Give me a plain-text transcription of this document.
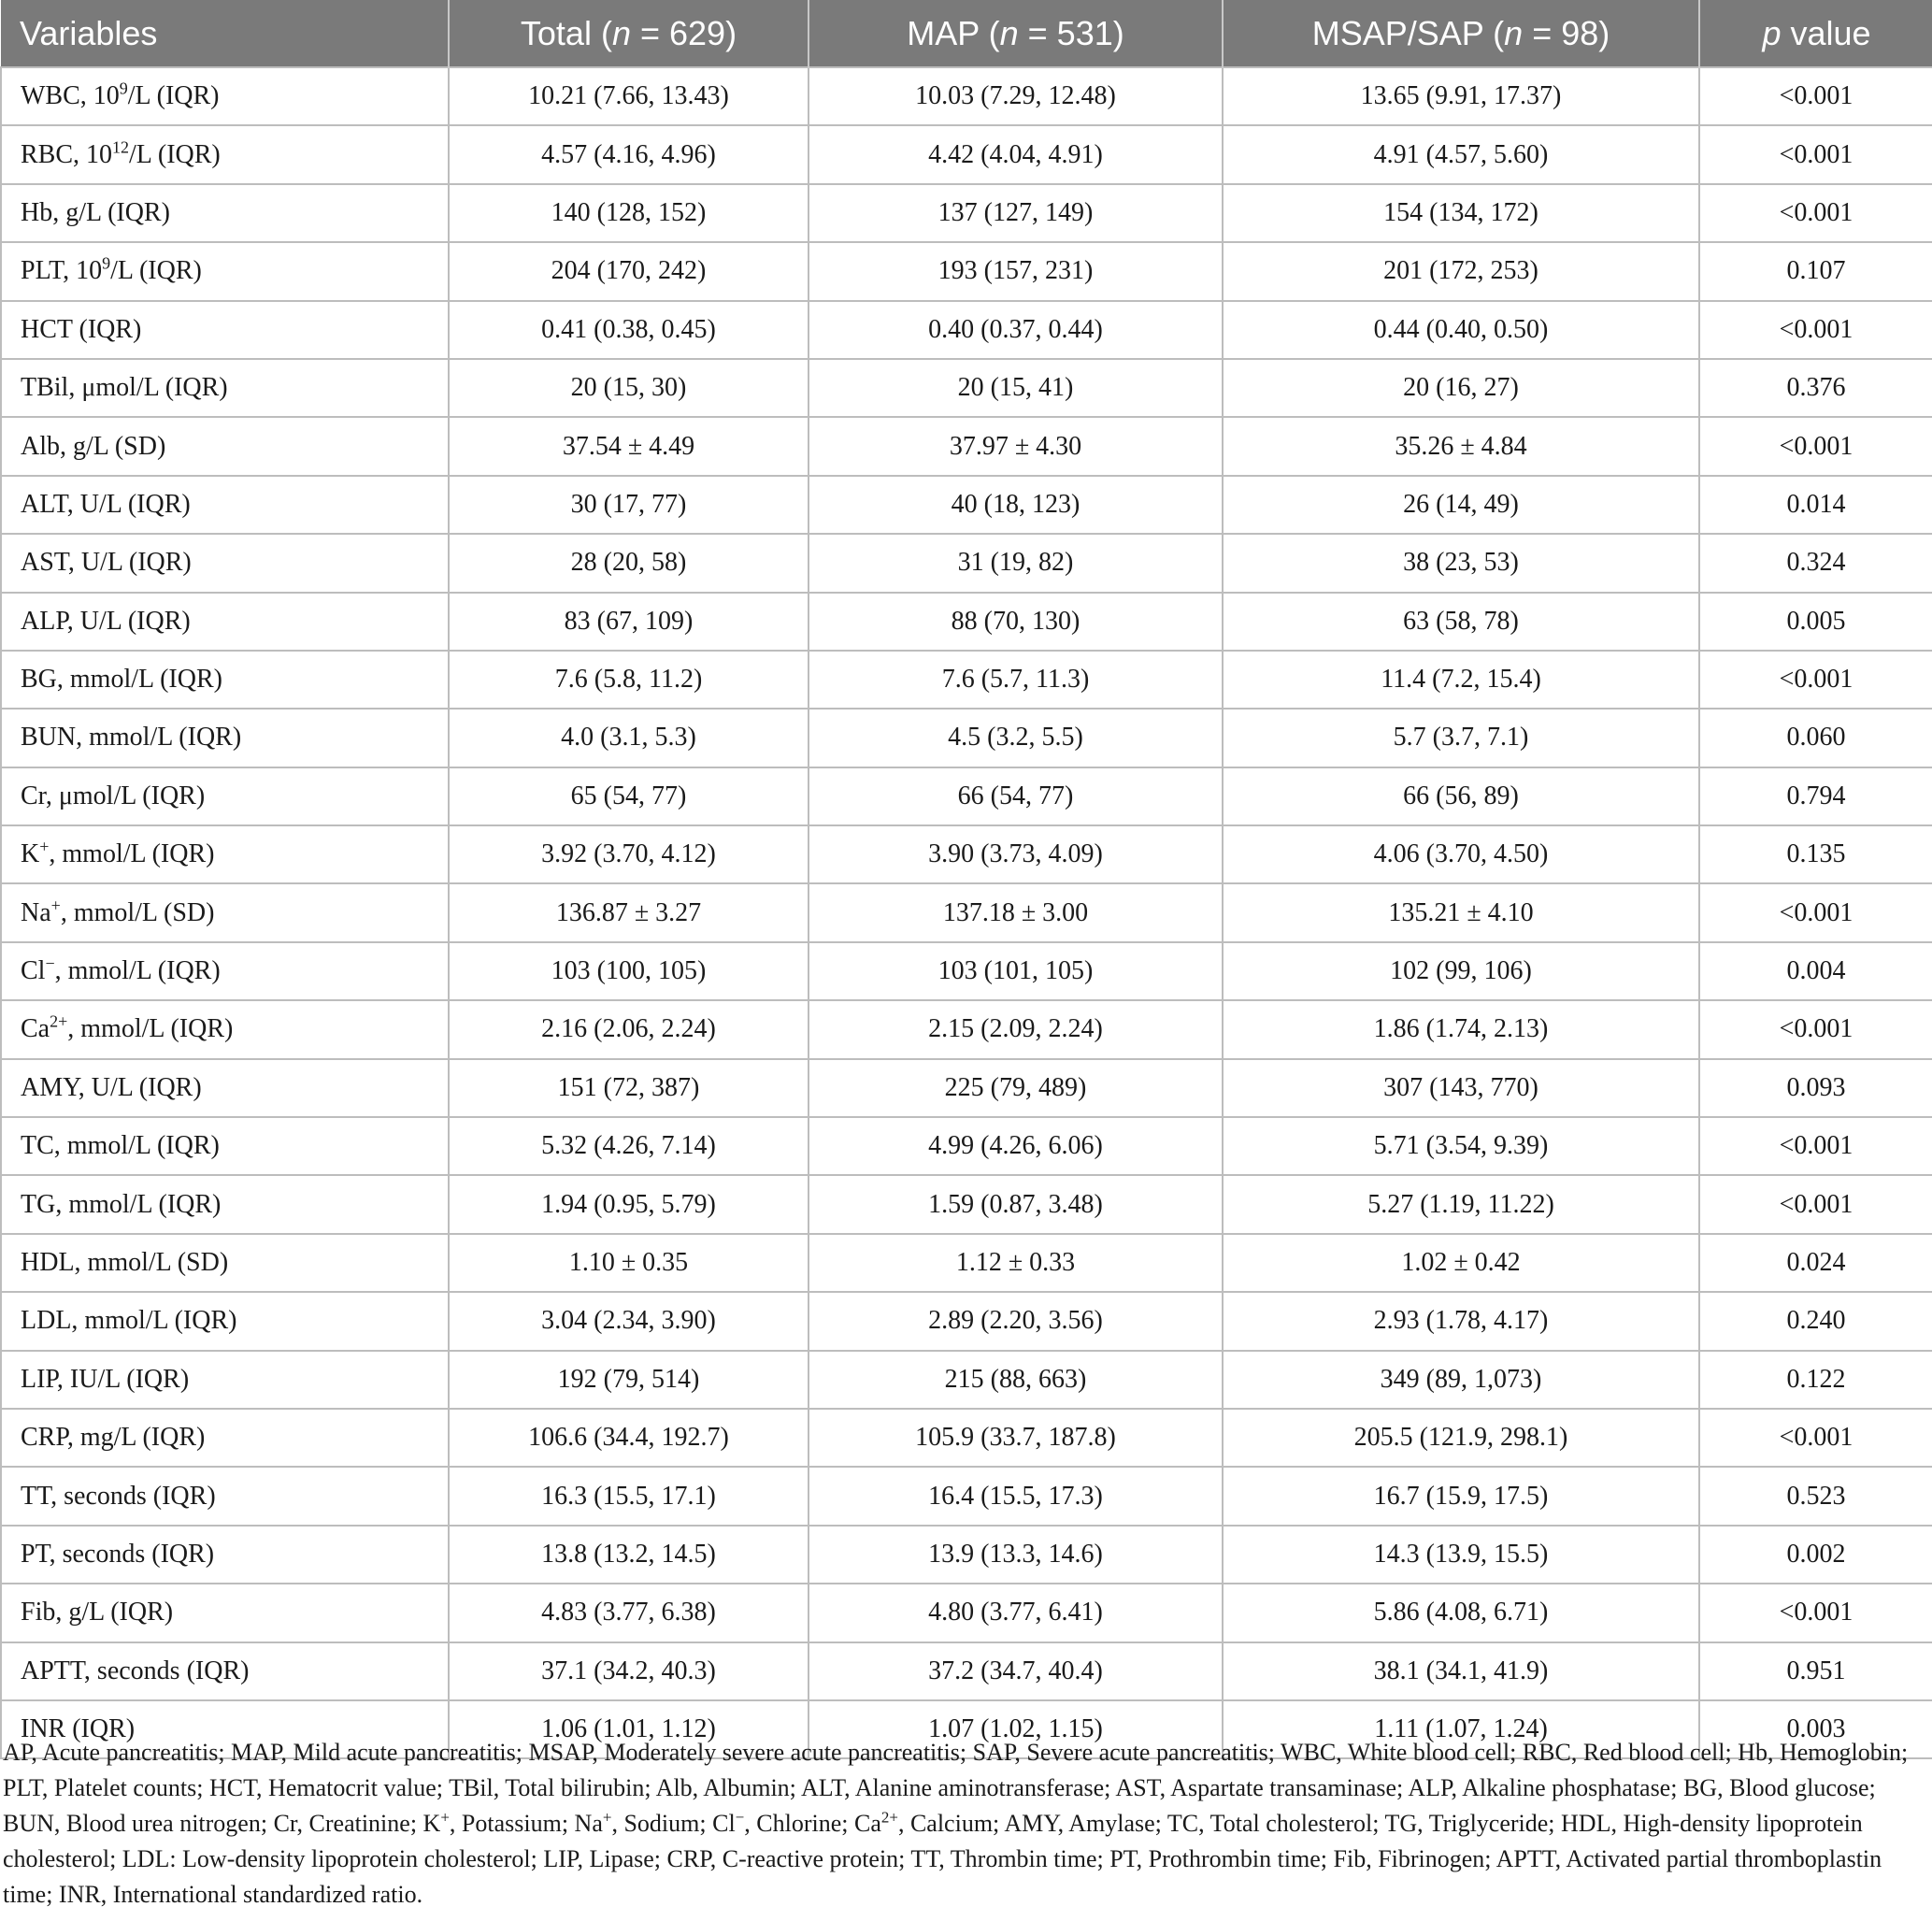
Variables	Total (n = 629)	MAP (n = 531)	MSAP/SAP (n = 98)	p value
WBC, $10^9/L$ (IQR)	10.21 (7.66, 13.43)	10.03 (7.29, 12.48)	13.65 (9.91, 17.37)	<0.001
RBC, $10^{12}/L$ (IQR)	4.57 (4.16, 4.96)	4.42 (4.04, 4.91)	4.91 (4.57, 5.60)	<0.001
Hb, g/L (IQR)	140 (128, 152)	137 (127, 149)	154 (134, 172)	<0.001
PLT, $10^9/L$ (IQR)	204 (170, 242)	193 (157, 231)	201 (172, 253)	0.107
HCT (IQR)	0.41 (0.38, 0.45)	0.40 (0.37, 0.44)	0.44 (0.40, 0.50)	<0.001
TBil, μmol/L (IQR)	20 (15, 30)	20 (15, 41)	20 (16, 27)	0.376
Alb, g/L (SD)	37.54 ± 4.49	37.97 ± 4.30	35.26 ± 4.84	<0.001
ALT, U/L (IQR)	30 (17, 77)	40 (18, 123)	26 (14, 49)	0.014
AST, U/L (IQR)	28 (20, 58)	31 (19, 82)	38 (23, 53)	0.324
ALP, U/L (IQR)	83 (67, 109)	88 (70, 130)	63 (58, 78)	0.005
BG, mmol/L (IQR)	7.6 (5.8, 11.2)	7.6 (5.7, 11.3)	11.4 (7.2, 15.4)	<0.001
BUN, mmol/L (IQR)	4.0 (3.1, 5.3)	4.5 (3.2, 5.5)	5.7 (3.7, 7.1)	0.060
Cr, μmol/L (IQR)	65 (54, 77)	66 (54, 77)	66 (56, 89)	0.794
K+, mmol/L (IQR)	3.92 (3.70, 4.12)	3.90 (3.73, 4.09)	4.06 (3.70, 4.50)	0.135
Na+, mmol/L (SD)	136.87 ± 3.27	137.18 ± 3.00	135.21 ± 4.10	<0.001
Cl−, mmol/L (IQR)	103 (100, 105)	103 (101, 105)	102 (99, 106)	0.004
$Ca^{2+}$, mmol/L (IQR)	2.16 (2.06, 2.24)	2.15 (2.09, 2.24)	1.86 (1.74, 2.13)	<0.001
AMY, U/L (IQR)	151 (72, 387)	225 (79, 489)	307 (143, 770)	0.093
TC, mmol/L (IQR)	5.32 (4.26, 7.14)	4.99 (4.26, 6.06)	5.71 (3.54, 9.39)	<0.001
TG, mmol/L (IQR)	1.94 (0.95, 5.79)	1.59 (0.87, 3.48)	5.27 (1.19, 11.22)	<0.001
HDL, mmol/L (SD)	1.10 ± 0.35	1.12 ± 0.33	1.02 ± 0.42	0.024
LDL, mmol/L (IQR)	3.04 (2.34, 3.90)	2.89 (2.20, 3.56)	2.93 (1.78, 4.17)	0.240
LIP, IU/L (IQR)	192 (79, 514)	215 (88, 663)	349 (89, 1,073)	0.122
CRP, mg/L (IQR)	106.6 (34.4, 192.7)	105.9 (33.7, 187.8)	205.5 (121.9, 298.1)	<0.001
TT, seconds (IQR)	16.3 (15.5, 17.1)	16.4 (15.5, 17.3)	16.7 (15.9, 17.5)	0.523
PT, seconds (IQR)	13.8 (13.2, 14.5)	13.9 (13.3, 14.6)	14.3 (13.9, 15.5)	0.002
Fib, g/L (IQR)	4.83 (3.77, 6.38)	4.80 (3.77, 6.41)	5.86 (4.08, 6.71)	<0.001
APTT, seconds (IQR)	37.1 (34.2, 40.3)	37.2 (34.7, 40.4)	38.1 (34.1, 41.9)	0.951
INR (IQR)	1.06 (1.01, 1.12)	1.07 (1.02, 1.15)	1.11 (1.07, 1.24)	0.003
AP, Acute pancreatitis; MAP, Mild acute pancreatitis; MSAP, Moderately severe acute pancreatitis; SAP, Severe acute pancreatitis; WBC, White blood cell; RBC, Red blood cell; Hb, Hemoglobin; PLT, Platelet counts; HCT, Hematocrit value; TBil, Total bilirubin; Alb, Albumin; ALT, Alanine aminotransferase; AST, Aspartate transaminase; ALP, Alkaline phosphatase; BG, Blood glucose; BUN, Blood urea nitrogen; Cr, Creatinine; K+, Potassium; Na+, Sodium; Cl−, Chlorine; $Ca^{2+}$, Calcium; AMY, Amylase; TC, Total cholesterol; TG, Triglyceride; HDL, High-density lipoprotein cholesterol; LDL: Low-density lipoprotein cholesterol; LIP, Lipase; CRP, C-reactive protein; TT, Thrombin time; PT, Prothrombin time; Fib, Fibrinogen; APTT, Activated partial thromboplastin time; INR, International standardized ratio.
